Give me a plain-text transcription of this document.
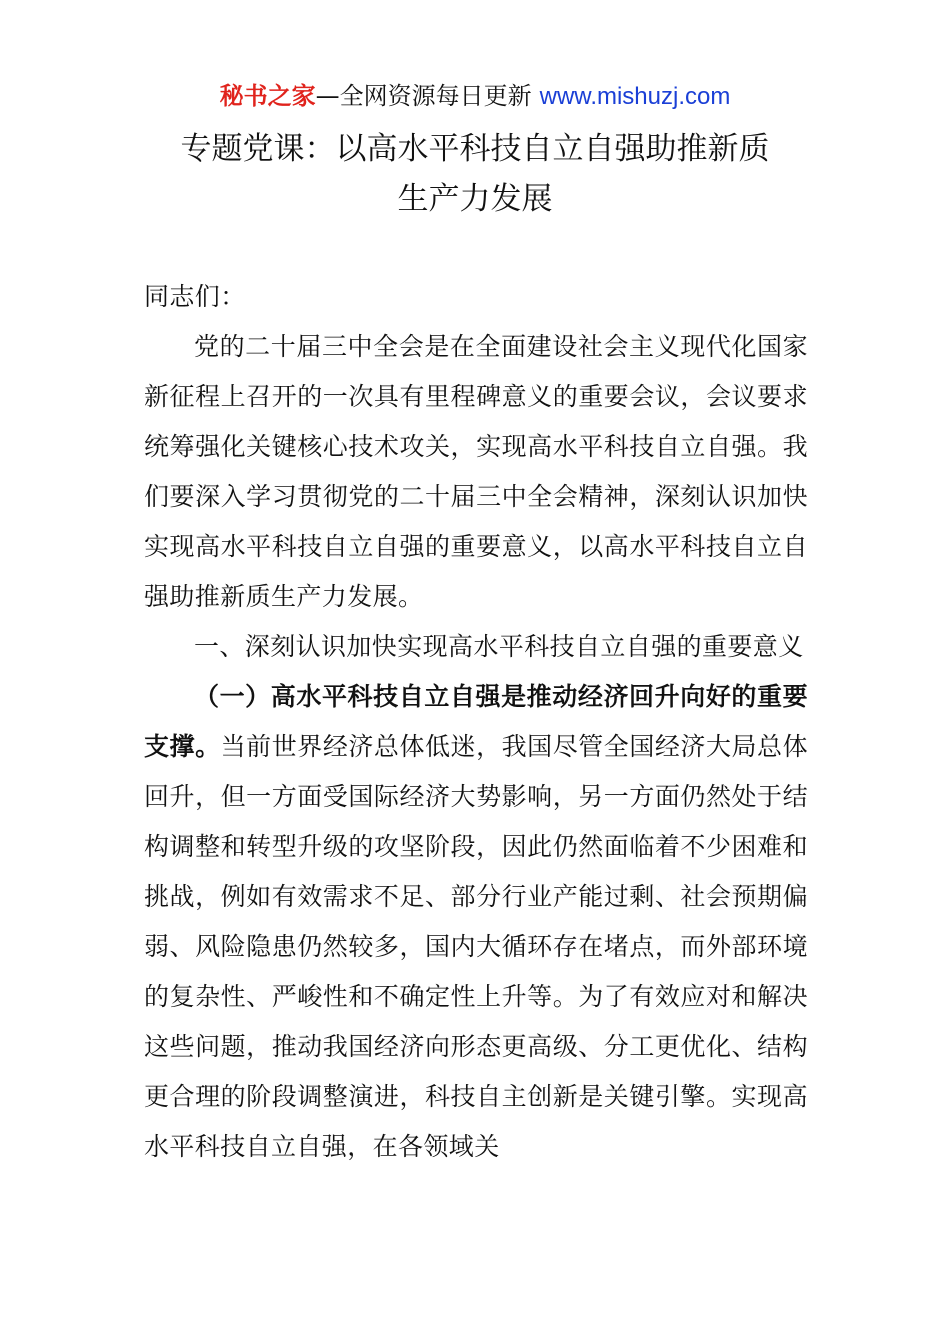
秘书之家—全网资源每日更新 www.mishuzj.com
专题党课：以高水平科技自立自强助推新质
生产力发展

同志们：

党的二十届三中全会是在全面建设社会主义现代化国家新征程上召开的一次具有里程碑意义的重要会议，会议要求统筹强化关键核心技术攻关，实现高水平科技自立自强。我们要深入学习贯彻党的二十届三中全会精神，深刻认识加快实现高水平科技自立自强的重要意义，以高水平科技自立自强助推新质生产力发展。

一、深刻认识加快实现高水平科技自立自强的重要意义

（一）高水平科技自立自强是推动经济回升向好的重要支撑。当前世界经济总体低迷，我国尽管全国经济大局总体回升，但一方面受国际经济大势影响，另一方面仍然处于结构调整和转型升级的攻坚阶段，因此仍然面临着不少困难和挑战，例如有效需求不足、部分行业产能过剩、社会预期偏弱、风险隐患仍然较多，国内大循环存在堵点，而外部环境的复杂性、严峻性和不确定性上升等。为了有效应对和解决这些问题，推动我国经济向形态更高级、分工更优化、结构更合理的阶段调整演进，科技自主创新是关键引擎。实现高水平科技自立自强，在各领域关
